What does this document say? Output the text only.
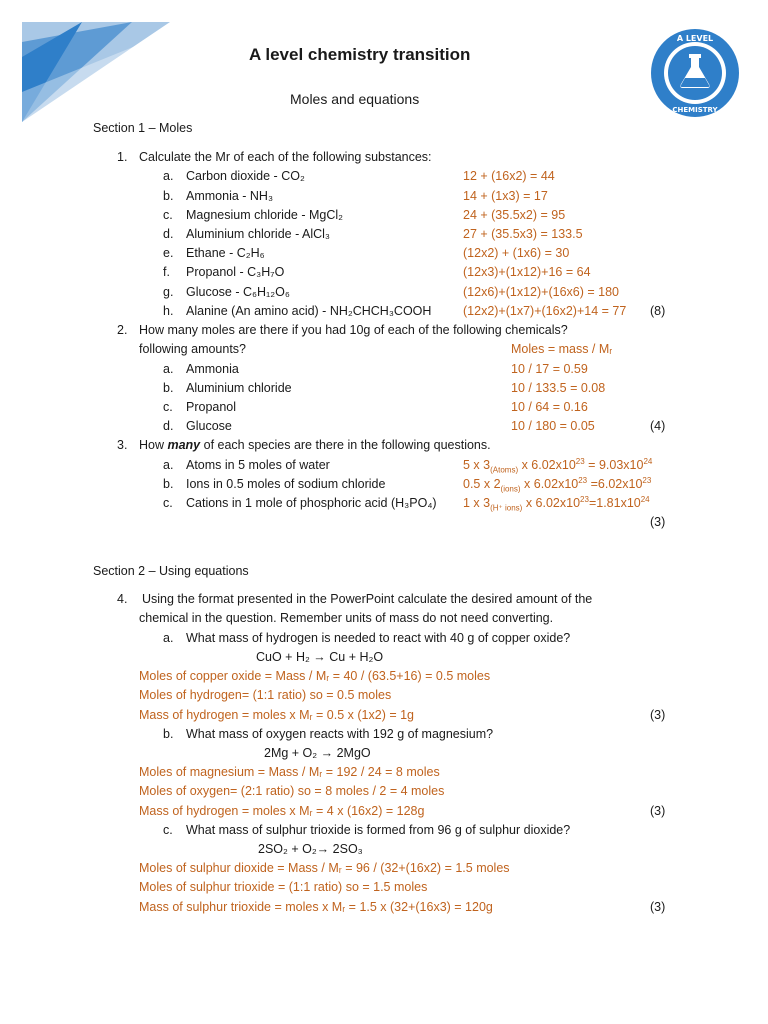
A LEVEL
CHEMISTRY
A level chemistry transition
Moles and equations
Section 1 – Moles
1. Calculate the Mr of each of the following substances:
a. Carbon dioxide - CO₂	12 + (16x2) = 44
b. Ammonia - NH₃	14 + (1x3) = 17
c. Magnesium chloride - MgCl₂	24 + (35.5x2) = 95
d. Aluminium chloride - AlCl₃	27 + (35.5x3) = 133.5
e. Ethane - C₂H₆	(12x2) + (1x6) = 30
f. Propanol - C₃H₇O	(12x3)+(1x12)+16 = 64
g. Glucose - C₆H₁₂O₆	(12x6)+(1x12)+(16x6) = 180
h. Alanine (An amino acid) - NH₂CHCH₃COOH	(12x2)+(1x7)+(16x2)+14 = 77 (8)
2. How many moles are there if you had 10g of each of the following chemicals?
following amounts?	Moles = mass / Mᵣ
a. Ammonia	10 / 17 = 0.59
b. Aluminium chloride	10 / 133.5 = 0.08
c. Propanol	10 / 64 = 0.16
d. Glucose	10 / 180 = 0.05	(4)
3. How many of each species are there in the following questions.
a. Atoms in 5 moles of water	5 x $3_{(Atoms)}$ x $6.02x10^{23} = 9.03x10^{24}$
b. Ions in 0.5 moles of sodium chloride	0.5 x $2_{(ions)}$ x $6.02x10^{23} =6.02x10^{23}$
c. Cations in 1 mole of phosphoric acid (H₃PO₄) 1 x $3_{(H^+ ions)}$ x $6.02x10^{23}=1.81x10^{24}$
(3)
Section 2 – Using equations
4. Using the format presented in the PowerPoint calculate the desired amount of the
chemical in the question. Remember units of mass do not need converting.
a. What mass of hydrogen is needed to react with 40 g of copper oxide?
CuO + H₂ → Cu + H₂O
Moles of copper oxide = Mass / Mᵣ = 40 / (63.5+16) = 0.5 moles
Moles of hydrogen= (1:1 ratio) so = 0.5 moles
Mass of hydrogen = moles x Mᵣ = 0.5 x (1x2) = 1g	(3)
b. What mass of oxygen reacts with 192 g of magnesium?
2Mg + O₂ → 2MgO
Moles of magnesium = Mass / Mᵣ = 192 / 24 = 8 moles
Moles of oxygen= (2:1 ratio) so = 8 moles / 2 = 4 moles
Mass of hydrogen = moles x Mᵣ = 4 x (16x2) = 128g	(3)
c. What mass of sulphur trioxide is formed from 96 g of sulphur dioxide?
2SO₂ + O₂→ 2SO₃
Moles of sulphur dioxide = Mass / Mᵣ = 96 / (32+(16x2) = 1.5 moles
Moles of sulphur trioxide = (1:1 ratio) so = 1.5 moles
Mass of sulphur trioxide = moles x Mᵣ = 1.5 x (32+(16x3) = 120g	(3)
